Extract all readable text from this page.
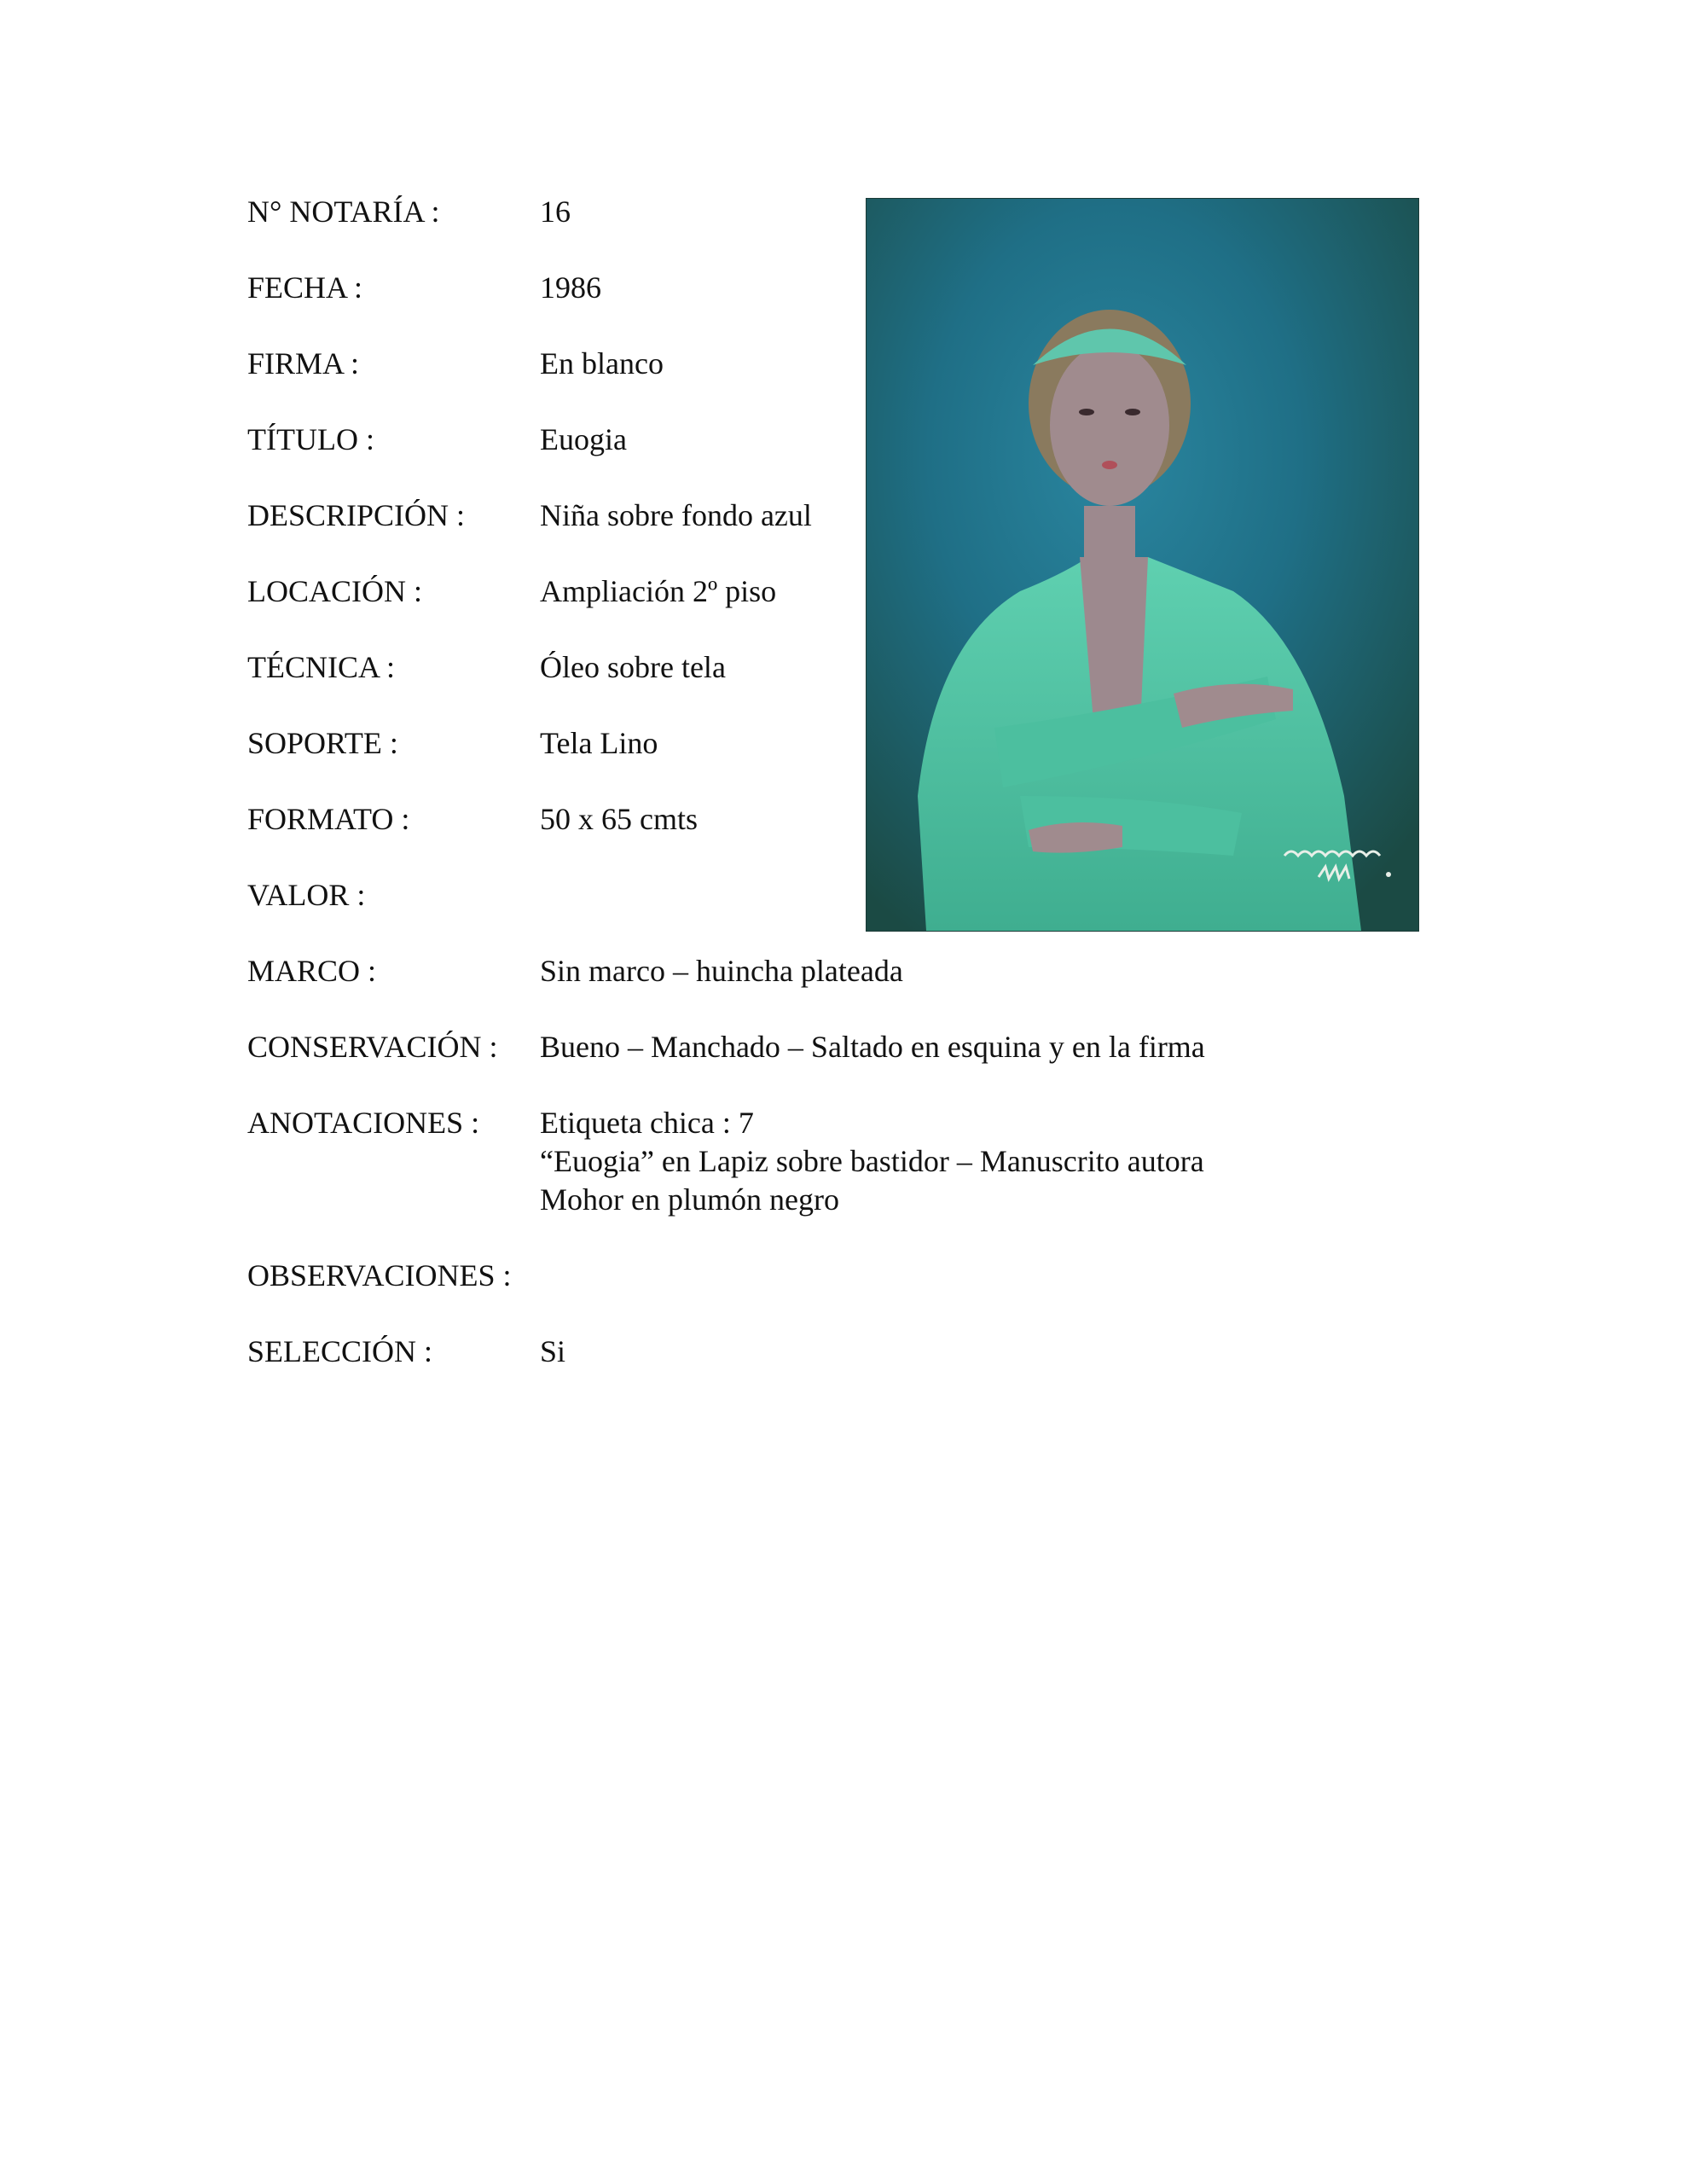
N° NOTARÍA :	16
FECHA :	1986
FIRMA :	En blanco
TÍTULO :	Euogia
DESCRIPCIÓN :	Niña sobre fondo azul
LOCACIÓN :	Ampliación 2º piso
TÉCNICA :	Óleo sobre tela
SOPORTE :	Tela Lino
FORMATO :	50 x 65 cmts
VALOR :
MARCO :	Sin marco – huincha plateada
CONSERVACIÓN :	Bueno – Manchado – Saltado en esquina y en la firma
ANOTACIONES :	Etiqueta chica : 7
“Euogia” en Lapiz sobre bastidor – Manuscrito autora
Mohor en plumón negro
OBSERVACIONES :
SELECCIÓN :	Si
